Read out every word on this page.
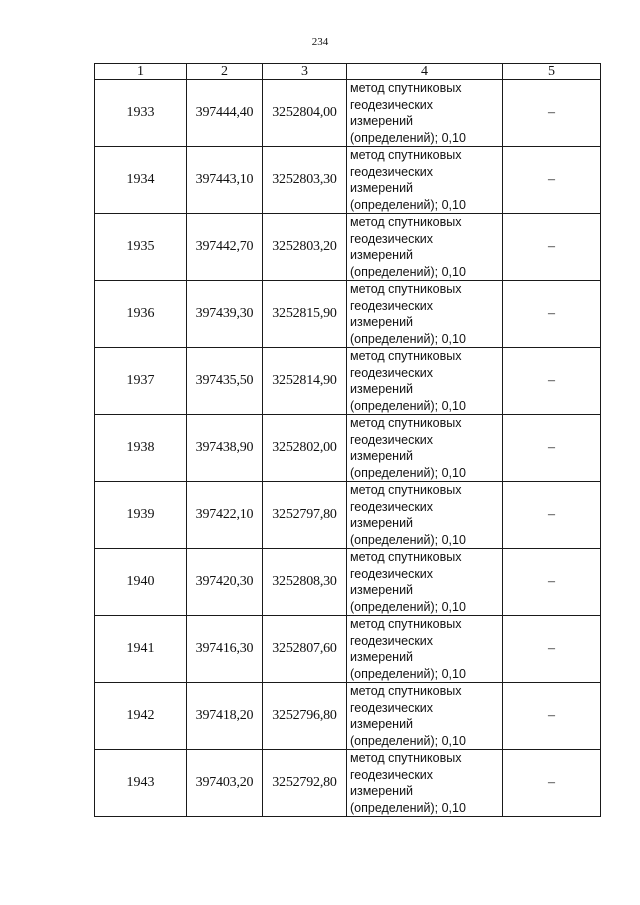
234
1	2	3	4	5
1933	397444,40	3252804,00	метод спутниковых
геодезических
измерений
(определений); 0,10	–
1934	397443,10	3252803,30	метод спутниковых
геодезических
измерений
(определений); 0,10	–
1935	397442,70	3252803,20	метод спутниковых
геодезических
измерений
(определений); 0,10	–
1936	397439,30	3252815,90	метод спутниковых
геодезических
измерений
(определений); 0,10	–
1937	397435,50	3252814,90	метод спутниковых
геодезических
измерений
(определений); 0,10	–
1938	397438,90	3252802,00	метод спутниковых
геодезических
измерений
(определений); 0,10	–
1939	397422,10	3252797,80	метод спутниковых
геодезических
измерений
(определений); 0,10	–
1940	397420,30	3252808,30	метод спутниковых
геодезических
измерений
(определений); 0,10	–
1941	397416,30	3252807,60	метод спутниковых
геодезических
измерений
(определений); 0,10	–
1942	397418,20	3252796,80	метод спутниковых
геодезических
измерений
(определений); 0,10	–
1943	397403,20	3252792,80	метод спутниковых
геодезических
измерений
(определений); 0,10	–
